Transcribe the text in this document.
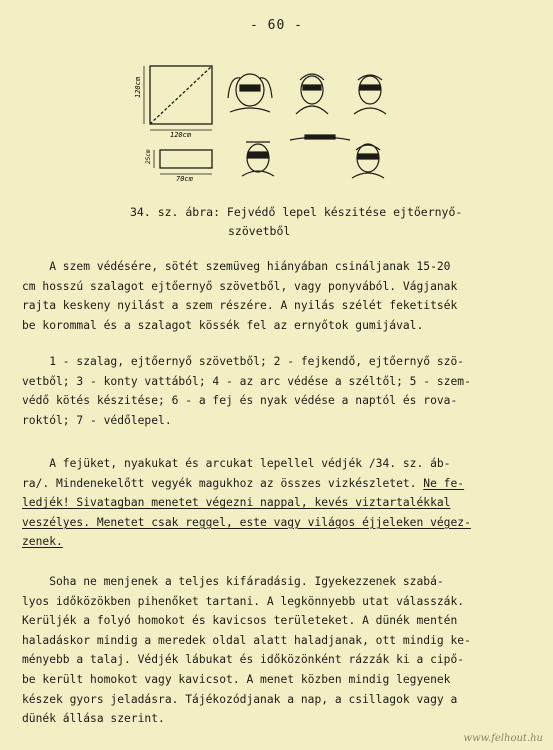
- 60 -
120cm
120cm
25cm
70cm
34. sz. ábra: Fejvédő lepel készitése ejtőernyő-
szövetből

A szem védésére, sötét szemüveg hiányában csináljanak 15-20
cm hosszú szalagot ejtőernyő szövetből, vagy ponyvából. Vágjanak
rajta keskeny nyilást a szem részére. A nyilás szélét feketitsék
be korommal és a szalagot kössék fel az ernyőtok gumijával.

1 - szalag, ejtőernyő szövetből; 2 - fejkendő, ejtőernyő szö-
vetből; 3 - konty vattából; 4 - az arc védése a széltől; 5 - szem-
védő kötés készitése; 6 - a fej és nyak védése a naptól és rova-
roktól; 7 - védőlepel.

A fejüket, nyakukat és arcukat lepellel védjék /34. sz. áb-
ra/. Mindenekelőtt vegyék magukhoz az összes vizkészletet. Ne fe-
ledjék! Sivatagban menetet végezni nappal, kevés viztartalékkal
veszélyes. Menetet csak reggel, este vagy világos éjjeleken végez-
zenek.

Soha ne menjenek a teljes kifáradásig. Igyekezzenek szabá-
lyos időközökben pihenőket tartani. A legkönnyebb utat válasszák.
Kerüljék a folyó homokot és kavicsos területeket. A dünék mentén
haladáskor mindig a meredek oldal alatt haladjanak, ott mindig ke-
ményebb a talaj. Védjék lábukat és időközönként rázzák ki a cipő-
be került homokot vagy kavicsot. A menet közben mindig legyenek
készek gyors jeladásra. Tájékozódjanak a nap, a csillagok vagy a
dünék állása szerint.

www.felhout.hu
